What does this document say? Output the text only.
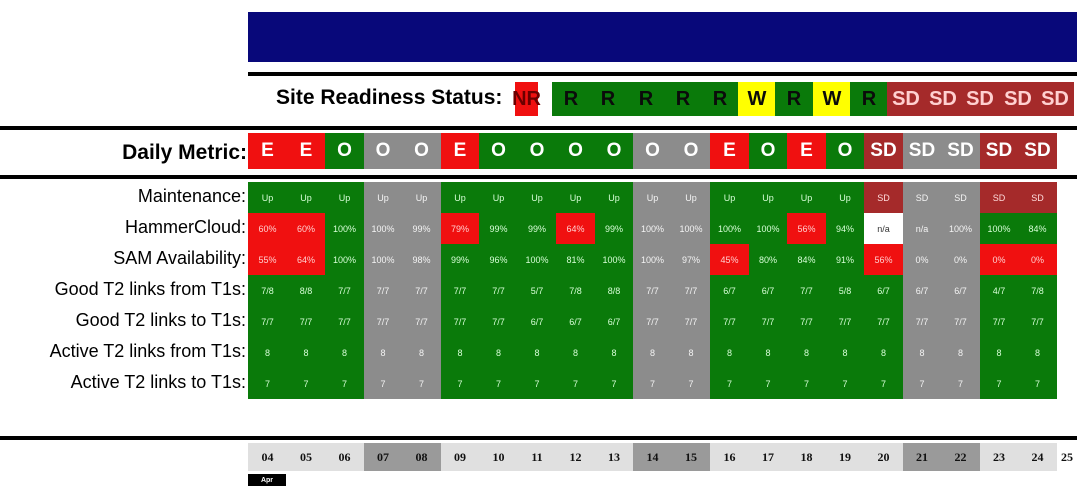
Site Readiness Status:
Daily Metric:
NR	R	R	R	R	R	W	R	W	R SD SD SD SD SD
E	E	O	O	O	E	O	O	O	O	O	O	E	O	E	O SD SD SD SD SD
Maintenance:	Up	Up	Up	Up	Up	Up	Up	Up	Up	Up	Up	Up	Up	Up	Up	Up	SD	SD	SD	SD	SD
HammerCloud:	60%	60%	100%	100%	99%	79%	99%	99%	64%	99%	100%	100%	100%	100%	56%	94%	n/a	n/a	100%	100%	84%
SAM Availability:	55%	64%	100%	100%	98%	99%	96%	100%	81%	100%	100%	97%	45%	80%	84%	91%	56%	0%	0%	0%	0%
Good T2 links from T1s:	7/8	8/8	7/7	7/7	7/7	7/7	7/7	5/7	7/8	8/8	7/7	7/7	6/7	6/7	7/7	5/8	6/7	6/7	6/7	4/7	7/8
Good T2 links to T1s:	7/7	7/7	7/7	7/7	7/7	7/7	7/7	6/7	6/7	6/7	7/7	7/7	7/7	7/7	7/7	7/7	7/7	7/7	7/7	7/7	7/7
Active T2 links from T1s:	8	8	8	8	8	8	8	8	8	8	8	8	8	8	8	8	8	8	8	8	8
Active T2 links to T1s:	7	7	7	7	7	7	7	7	7	7	7	7	7	7	7	7	7	7	7	7	7
04	05	06	07	08	09	10	11	12	13	14	15	16	17	18	19	20	21	22	23	24	25
Apr
